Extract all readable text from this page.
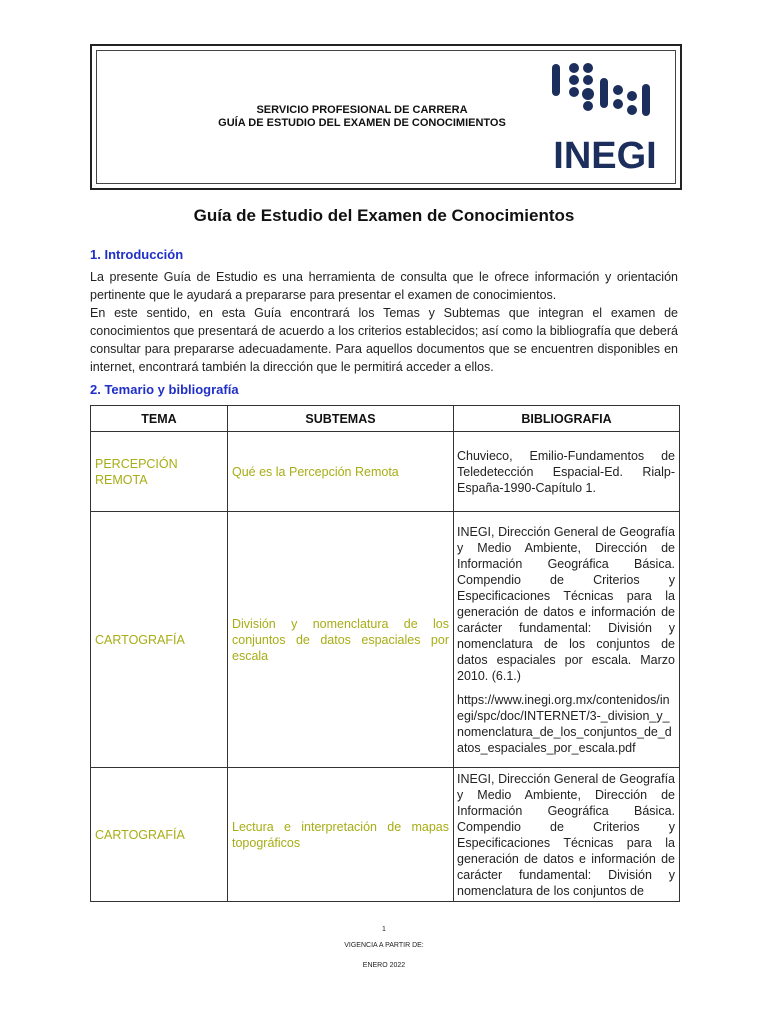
SERVICIO PROFESIONAL DE CARRERA
GUÍA DE ESTUDIO DEL EXAMEN DE CONOCIMIENTOS
INEGI
Guía de Estudio del Examen de Conocimientos
1. Introducción
La presente Guía de Estudio es una herramienta de consulta que le ofrece información y orientación pertinente que le ayudará a prepararse para presentar el examen de conocimientos.
En este sentido, en esta Guía encontrará los Temas y Subtemas que integran el examen de conocimientos que presentará de acuerdo a los criterios establecidos; así como la bibliografía que deberá consultar para prepararse adecuadamente. Para aquellos documentos que se encuentren disponibles en internet, encontrará también la dirección que le permitirá acceder a ellos.
2. Temario y bibliografía
TEMA	SUBTEMAS	BIBLIOGRAFIA
PERCEPCIÓN REMOTA	Qué es la Percepción Remota	Chuvieco, Emilio-Fundamentos de Teledetección Espacial-Ed. Rialp-España-1990-Capítulo 1.

CARTOGRAFÍA	División y nomenclatura de los conjuntos de datos espaciales por escala	INEGI, Dirección General de Geografía y Medio Ambiente, Dirección de Información Geográfica Básica. Compendio de Criterios y Especificaciones Técnicas para la generación de datos e información de carácter fundamental: División y nomenclatura de los conjuntos de datos espaciales por escala. Marzo 2010. (6.1.)
https://www.inegi.org.mx/contenidos/inegi/spc/doc/INTERNET/3-_division_y_nomenclatura_de_los_conjuntos_de_datos_espaciales_por_escala.pdf

CARTOGRAFÍA	Lectura e interpretación de mapas topográficos	INEGI, Dirección General de Geografía y Medio Ambiente, Dirección de Información Geográfica Básica. Compendio de Criterios y Especificaciones Técnicas para la generación de datos e información de carácter fundamental: División y nomenclatura de los conjuntos de
1
VIGENCIA A PARTIR DE:
ENERO 2022
